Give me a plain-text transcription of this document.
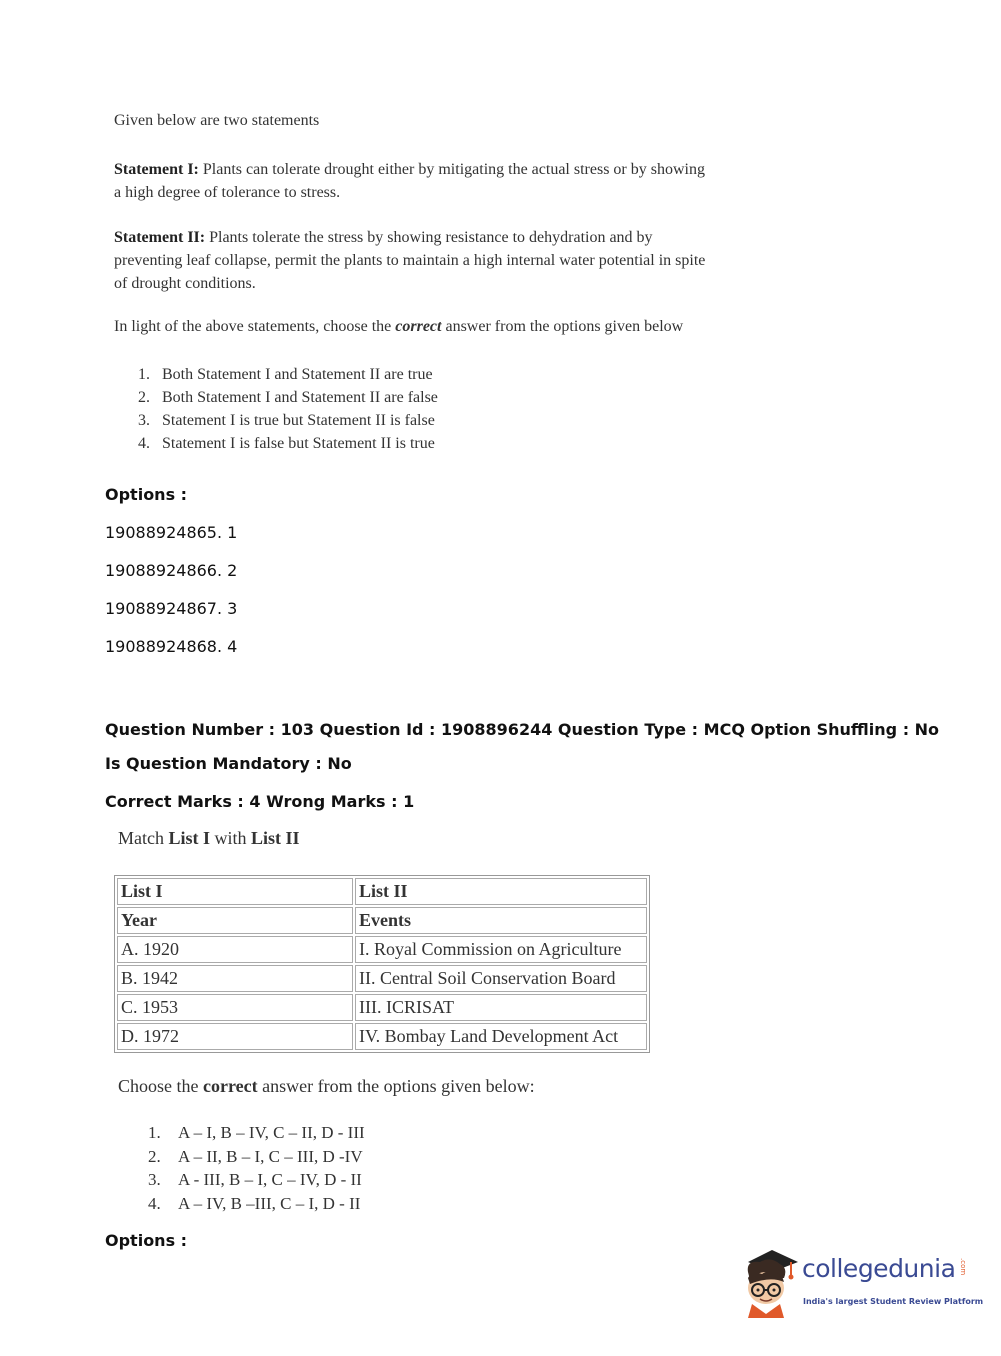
Given below are two statements
Statement I: Plants can tolerate drought either by mitigating the actual stress or by showing
a high degree of tolerance to stress.
Statement II: Plants tolerate the stress by showing resistance to dehydration and by
preventing leaf collapse, permit the plants to maintain a high internal water potential in spite
of drought conditions.
In light of the above statements, choose the correct answer from the options given below
1. Both Statement I and Statement II are true
2. Both Statement I and Statement II are false
3. Statement I is true but Statement II is false
4. Statement I is false but Statement II is true
Options :
19088924865. 1
19088924866. 2
19088924867. 3
19088924868. 4
Question Number : 103 Question Id : 1908896244 Question Type : MCQ Option Shuffling : No
Is Question Mandatory : No
Correct Marks : 4 Wrong Marks : 1
Match List I with List II
List I	List II
Year	Events
A. 1920	I. Royal Commission on Agriculture
B. 1942	II. Central Soil Conservation Board
C. 1953	III. ICRISAT
D. 1972	IV. Bombay Land Development Act
Choose the correct answer from the options given below:
1. A – I, B – IV, C – II, D - III
2. A – II, B – I, C – III, D -IV
3. A - III, B – I, C – IV, D - II
4. A – IV, B –III, C – I, D - II
Options :
collegedunia .com
India's largest Student Review Platform
